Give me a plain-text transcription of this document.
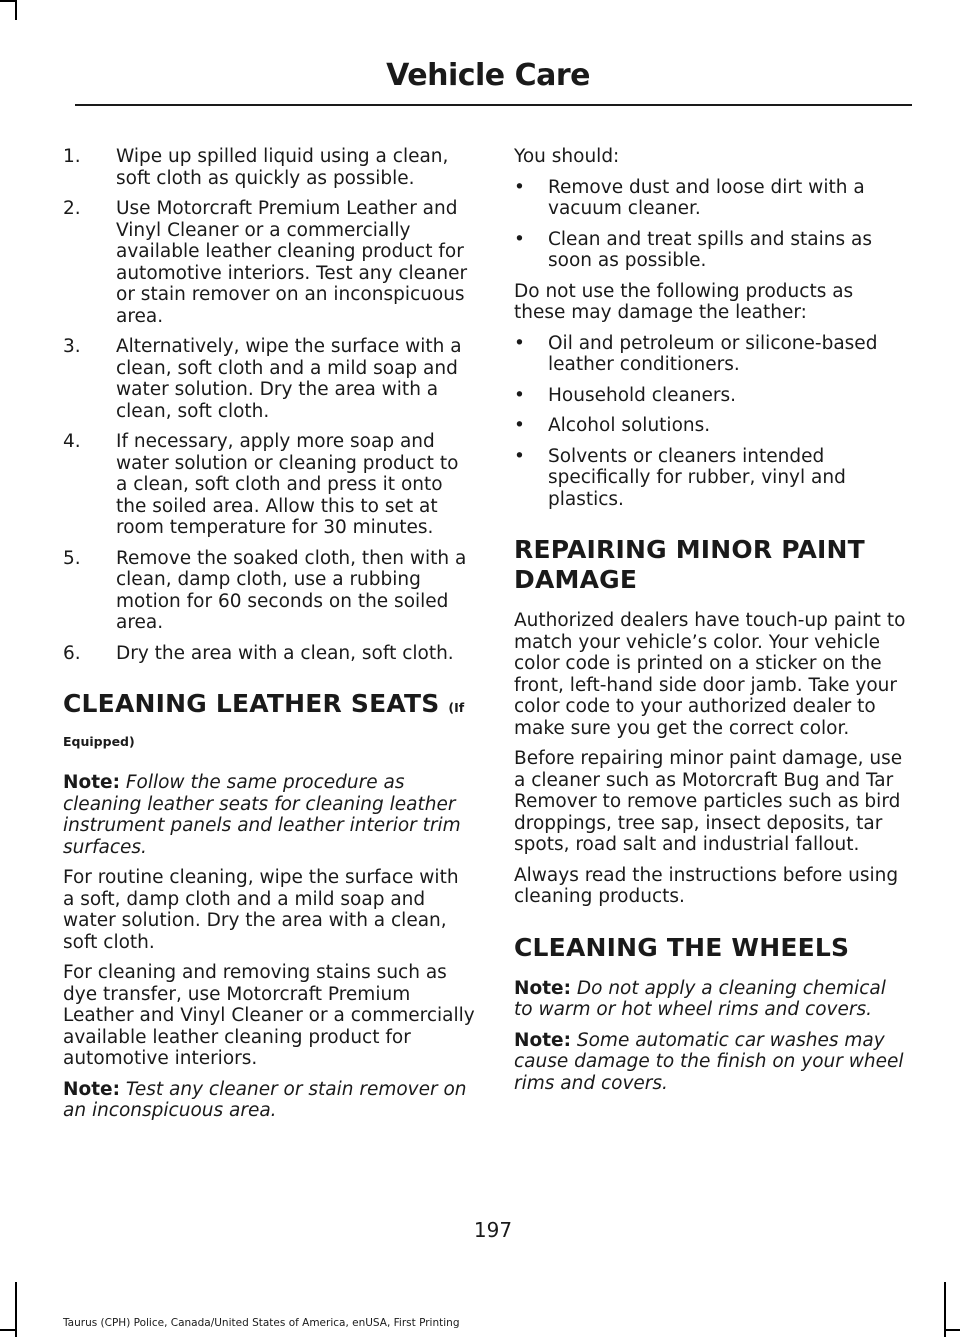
Vehicle Care
1. Wipe up spilled liquid using a clean, soft cloth as quickly as possible.
2. Use Motorcraft Premium Leather and Vinyl Cleaner or a commercially available leather cleaning product for automotive interiors. Test any cleaner or stain remover on an inconspicuous area.
3. Alternatively, wipe the surface with a clean, soft cloth and a mild soap and water solution. Dry the area with a clean, soft cloth.
4. If necessary, apply more soap and water solution or cleaning product to a clean, soft cloth and press it onto the soiled area. Allow this to set at room temperature for 30 minutes.
5. Remove the soaked cloth, then with a clean, damp cloth, use a rubbing motion for 60 seconds on the soiled area.
6. Dry the area with a clean, soft cloth.
CLEANING LEATHER SEATS (If Equipped)

Note: Follow the same procedure as cleaning leather seats for cleaning leather instrument panels and leather interior trim surfaces.

For routine cleaning, wipe the surface with a soft, damp cloth and a mild soap and water solution. Dry the area with a clean, soft cloth.

For cleaning and removing stains such as dye transfer, use Motorcraft Premium Leather and Vinyl Cleaner or a commercially available leather cleaning product for automotive interiors.

Note: Test any cleaner or stain remover on an inconspicuous area.

You should:

• Remove dust and loose dirt with a vacuum cleaner.
• Clean and treat spills and stains as soon as possible.

Do not use the following products as these may damage the leather:

• Oil and petroleum or silicone-based leather conditioners.
• Household cleaners.
• Alcohol solutions.
• Solvents or cleaners intended specifically for rubber, vinyl and plastics.
REPAIRING MINOR PAINT DAMAGE

Authorized dealers have touch-up paint to match your vehicle’s color. Your vehicle color code is printed on a sticker on the front, left-hand side door jamb. Take your color code to your authorized dealer to make sure you get the correct color.

Before repairing minor paint damage, use a cleaner such as Motorcraft Bug and Tar Remover to remove particles such as bird droppings, tree sap, insect deposits, tar spots, road salt and industrial fallout.

Always read the instructions before using cleaning products.

CLEANING THE WHEELS

Note: Do not apply a cleaning chemical to warm or hot wheel rims and covers.

Note: Some automatic car washes may cause damage to the finish on your wheel rims and covers.

197
Taurus (CPH) Police, Canada/United States of America, enUSA, First Printing
